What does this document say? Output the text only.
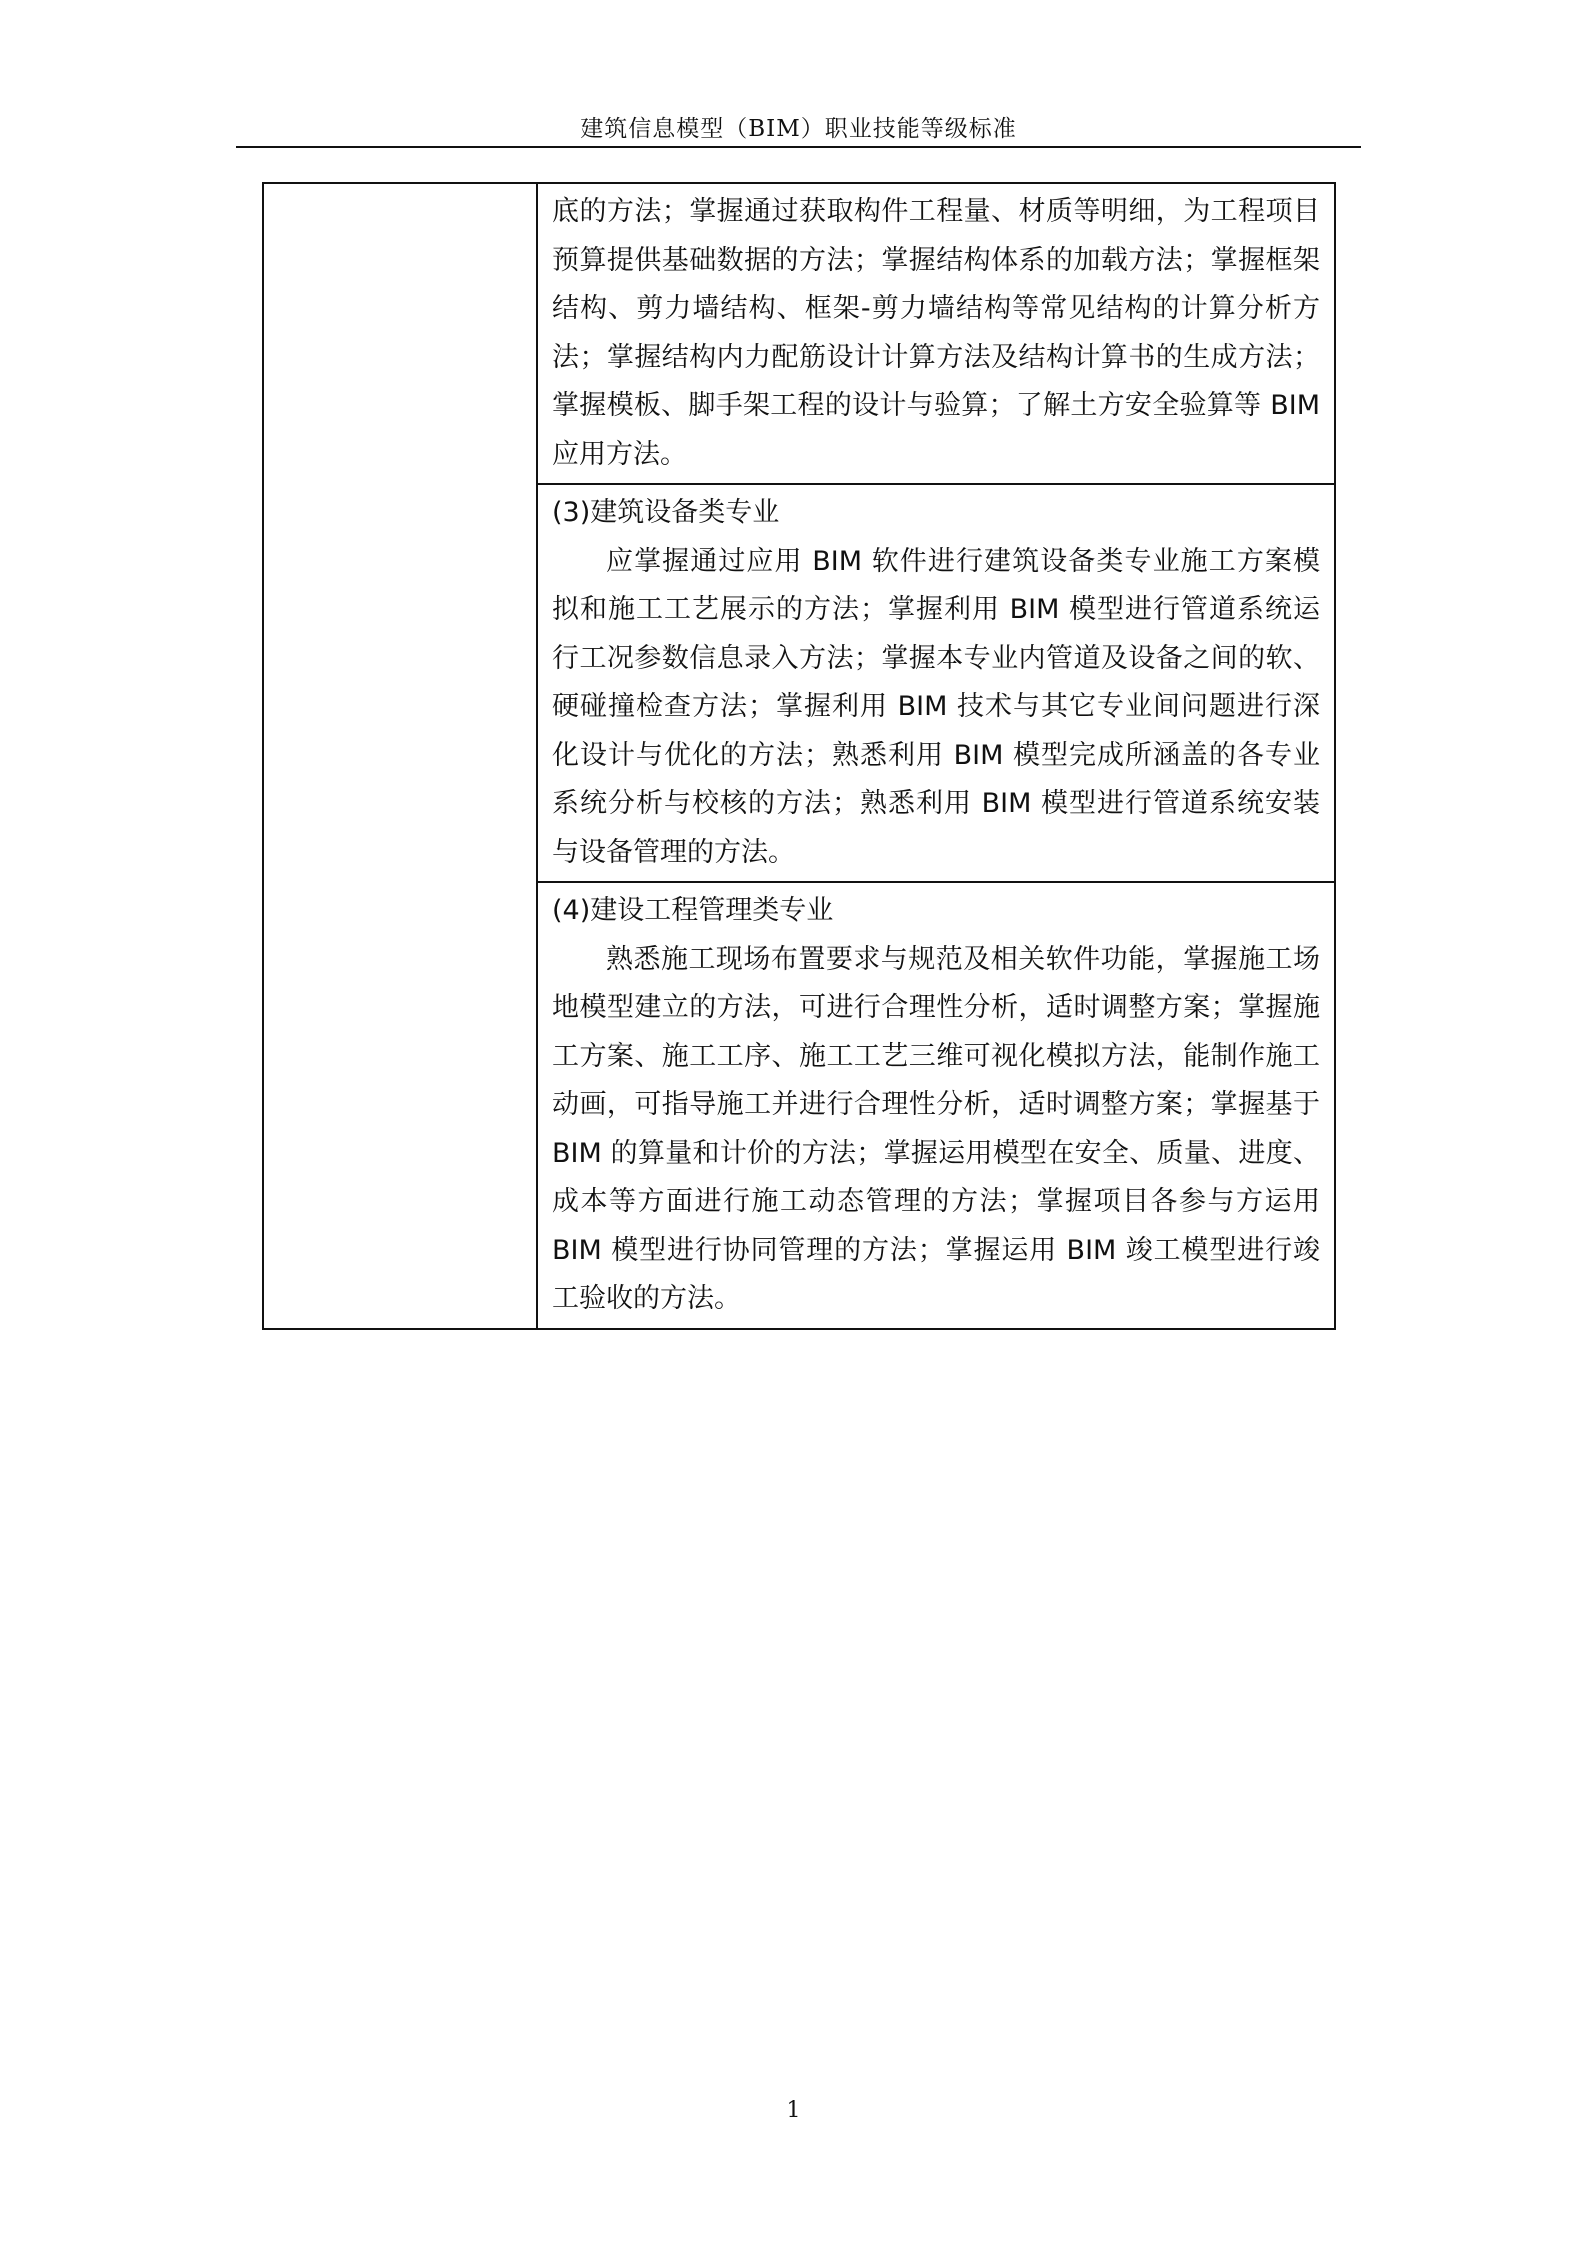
建筑信息模型（BIM）职业技能等级标准
	底的方法；掌握通过获取构件工程量、材质等明细，为工程项目预算提供基础数据的方法；掌握结构体系的加载方法；掌握框架结构、剪力墙结构、框架-剪力墙结构等常见结构的计算分析方法；掌握结构内力配筋设计计算方法及结构计算书的生成方法；掌握模板、脚手架工程的设计与验算；了解土方安全验算等 BIM 应用方法。

(3)建筑设备类专业
应掌握通过应用 BIM 软件进行建筑设备类专业施工方案模拟和施工工艺展示的方法；掌握利用 BIM 模型进行管道系统运行工况参数信息录入方法；掌握本专业内管道及设备之间的软、硬碰撞检查方法；掌握利用 BIM 技术与其它专业间问题进行深化设计与优化的方法；熟悉利用 BIM 模型完成所涵盖的各专业系统分析与校核的方法；熟悉利用 BIM 模型进行管道系统安装与设备管理的方法。

(4)建设工程管理类专业
熟悉施工现场布置要求与规范及相关软件功能，掌握施工场地模型建立的方法，可进行合理性分析，适时调整方案；掌握施工方案、施工工序、施工工艺三维可视化模拟方法，能制作施工动画，可指导施工并进行合理性分析，适时调整方案；掌握基于 BIM 的算量和计价的方法；掌握运用模型在安全、质量、进度、成本等方面进行施工动态管理的方法；掌握项目各参与方运用 BIM 模型进行协同管理的方法；掌握运用 BIM 竣工模型进行竣工验收的方法。
1
